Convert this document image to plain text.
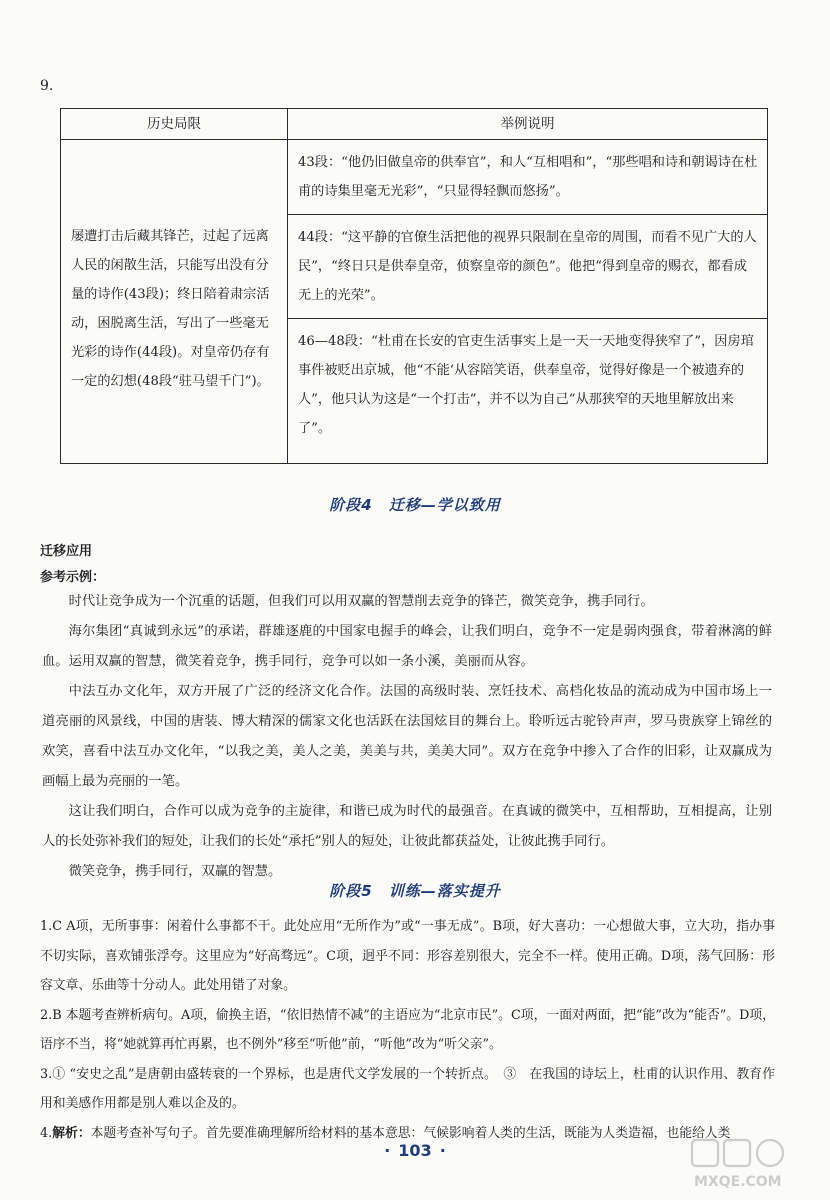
9.
历史局限	举例说明
屡遭打击后藏其锋芒，过起了远离人民的闲散生活，只能写出没有分量的诗作(43段)；终日陪着肃宗活动，困脱离生活，写出了一些毫无光彩的诗作(44段)。对皇帝仍存有一定的幻想(48段“驻马望千门”)。	43段：“他仍旧做皇帝的供奉官”，和人“互相唱和”，“那些唱和诗和朝谒诗在杜甫的诗集里毫无光彩”，“只显得轻飘而悠扬”。
	44段：“这平静的官僚生活把他的视界只限制在皇帝的周围，而看不见广大的人民”，“终日只是供奉皇帝，侦察皇帝的颜色”。他把“得到皇帝的赐衣，都看成无上的光荣”。
	46—48段：“杜甫在长安的官吏生活事实上是一天一天地变得狭窄了”，因房琯事件被贬出京城，他“不能‘从容陪笑语，供奉皇帝，觉得好像是一个被遗弃的人”，他只认为这是“一个打击”，并不以为自己“从那狭窄的天地里解放出来了”。
阶段4　迁移—学以致用
迁移应用
参考示例：

时代让竞争成为一个沉重的话题，但我们可以用双赢的智慧削去竞争的锋芒，微笑竞争，携手同行。

海尔集团“真诚到永远”的承诺，群雄逐鹿的中国家电握手的峰会，让我们明白，竞争不一定是弱肉强食，带着淋漓的鲜血。运用双赢的智慧，微笑着竞争，携手同行，竞争可以如一条小溪，美丽而从容。

中法互办文化年，双方开展了广泛的经济文化合作。法国的高级时装、烹饪技术、高档化妆品的流动成为中国市场上一道亮丽的风景线，中国的唐装、博大精深的儒家文化也活跃在法国炫目的舞台上。聆听远古驼铃声声，罗马贵族穿上锦丝的欢笑，喜看中法互办文化年，“以我之美，美人之美，美美与共，美美大同”。双方在竞争中掺入了合作的旧彩，让双赢成为画幅上最为亮丽的一笔。

这让我们明白，合作可以成为竞争的主旋律，和谐已成为时代的最强音。在真诚的微笑中，互相帮助，互相提高，让别人的长处弥补我们的短处，让我们的长处“承托”别人的短处，让彼此都获益处，让彼此携手同行。

微笑竞争，携手同行，双赢的智慧。

阶段5　训练—落实提升

1.C A项，无所事事：闲着什么事都不干。此处应用“无所作为”或“一事无成”。B项，好大喜功：一心想做大事，立大功，指办事不切实际，喜欢铺张浮夸。这里应为“好高骛远”。C项，迥乎不同：形容差别很大，完全不一样。使用正确。D项，荡气回肠：形容文章、乐曲等十分动人。此处用错了对象。

2.B 本题考查辨析病句。A项，偷换主语，“依旧热情不减”的主语应为“北京市民”。C项，一面对两面，把“能”改为“能否”。D项，语序不当，将“她就算再忙再累，也不例外”移至“听他”前，“听他”改为“听父亲”。

3.① “安史之乱”是唐朝由盛转衰的一个界标，也是唐代文学发展的一个转折点。　③　在我国的诗坛上，杜甫的认识作用、教育作用和美感作用都是别人难以企及的。

4.解析：本题考查补写句子。首先要准确理解所给材料的基本意思：气候影响着人类的生活，既能为人类造福，也能给人类

· 103 ·
MXQE.COM
